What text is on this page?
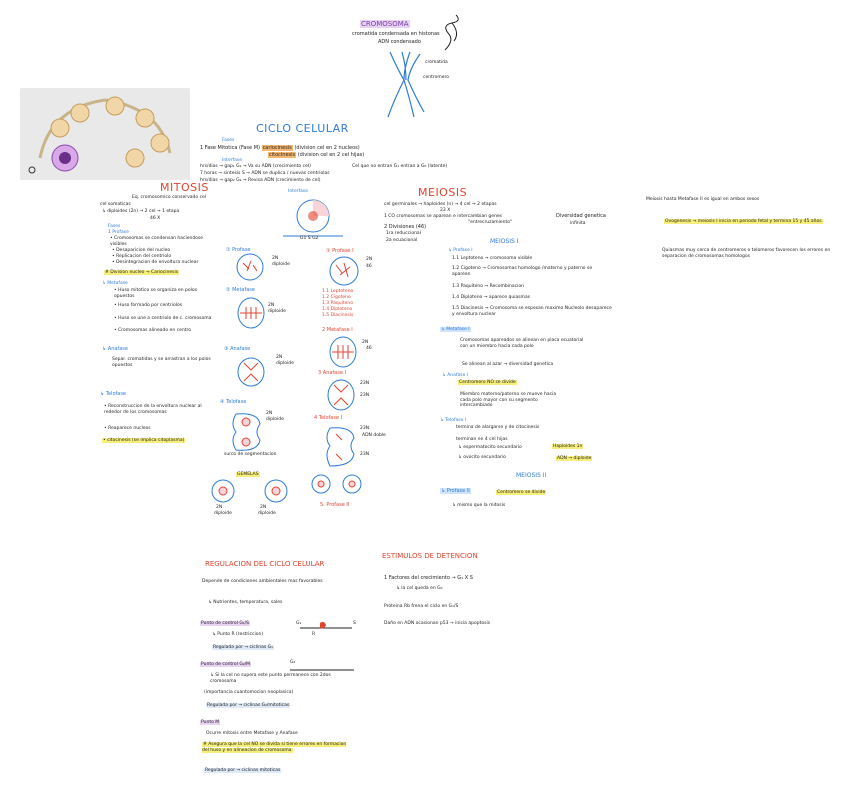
CROMOSOMA
cromatida condensada en histonas
ADN condensado
cromatida
centromero
CICLO CELULAR
Fases
1 Fase Mitotica (Fase M) cariocinesis (division cel en 2 nucleos)
citocinesis (division cel en 2 cel hijas)
Interfase
hrs/dias → gap₁ G₁ → Va su ADN (crecimiento cel)
7 horas → sintesis S → ADN se duplica / nuevas centriolas
hrs/dias → gap₂ G₂ → Revisa ADN (crecimiento de cel)
Cel que no entran G₁ entran a G₀ (latente)
MITOSIS
Eq. cromosomico conservado cel
cel somaticas
↳ diploides (2n) → 2 cel → 1 etapa
46 X
Fases
1 Profase
• Cromosomas se condensan haciendose visibles
• Desaparicion del nucleo
• Replicacion del centriolo
• Desintegracion de envoltura nuclear
# Division nucleo → Cariocinesis
↳ Metafase
• Huso mitotico se organiza en polos opuestos
• Huso formado por centriolos
• Huso se une a centriolo de c. cromosoma
• Cromosomas alineado en centro
↳ Anafase
Separ. cromatidas y se arrastran a los polos opuestos
↳ Telofase
• Reconstruccion de la envoltura nuclear al rededor de los cromosomas
• Reaparece nucleos
• citocinesis (se implica citoplasma)
Interfase
G1 S G2
① Profase
2N
diploide
② Metafase
2N
diploide
③ Anafase
2N
diploide
④ Telofase
2N
diploide
surco de segmentacion
GEMELAS
2N
diploide
2N
diploide
① Profase I
2N
46
1.1 Leptoteno
1.2 Cigoteno
1.3 Paquiteno
1.4 Diploteno
1.5 Diacinesis
2 Metafase I
2N
46
3 Anafase I
23N
23N
4 Telofase I
23N
ADN doble
23N
5. Profase II
MEIOSIS
cel germinales → haploides (n) → 4 cel → 2 etapas
23 X
1 CO cromosomas se aparean e intercambian genes
"entrecruzamiento"
Diversidad genetica
infinita
2 Divisiones (46)
1ra reduccional
2a ecuacional	MEIOSIS I
↳ Profase I
1.1 Leptoteno → cromosoma visible
1.2 Cigoteno → Cromosomas homologo /materno y paterno se aparean
1.3 Paquiteno → Recombinacion
1.4 Diploteno → aparece quiasmas
1.5 Diacinesis → Cromosoma se espesan maximo Nucleolo desaparece y envoltura nuclear
↳ Metafase I
Cromosomas apareados se alinean en placa ecuatorial con un miembro hacia cada polo
Se alinean al azar → diversidad genetica
↳ Anafase I
Centromero NO se divide
Miembro materno/paterno se mueve hacia cada polo mayor con su segmento intercambiado
↳ Telofase I
termina de alargarse y de citocinesis
terminan en 4 cel hijas
↳ espermatocito secundario
↳ ovocito secundario
Haploides 1n
ADN → diploide
MEIOSIS II
↳ Profase II	Centromero se divide
↳ mismo que la mitosis
Meiosis hasta Metafase II es igual en ambos sexos
Ovogenesis → meiosis I inicia en periodo fetal y termina 15 y 45 años
Quiasmas muy cerca de centromeros o telomeros favorecen los errores en separacion de cromosomas homologos
REGULACION DEL CICLO CELULAR
Depende de condiciones ambientales mas favorables
↳ Nutrientes, temperatura, sales
Punto de control G₁/S
↳ Punto R (restriccion)
Regulada por → ciclinas G₁
G₁	S
R
Punto de control G₂/M	G₂
↳ Si la cel no supera este punto permanece con 2dos cromosoma
(importancia cuantomocion neoplasica)
Regulada por → ciclinas G₂/mitoticas
Punto M
Ocurre mitosis entre Metafase y Anafase
# Asegura que la cel NO se divida si tiene errores en formacion del huso y en alineacion de cromosoma
Regulada por → ciclinas mitoticas
ESTIMULOS DE DETENCION
1 Factores del crecimiento → G₁ X S
↳ la cel queda en G₀
Proteina Rb frena el ciclo en G₁/S
Daño en ADN ocasionan p53 → inicia apoptosis
